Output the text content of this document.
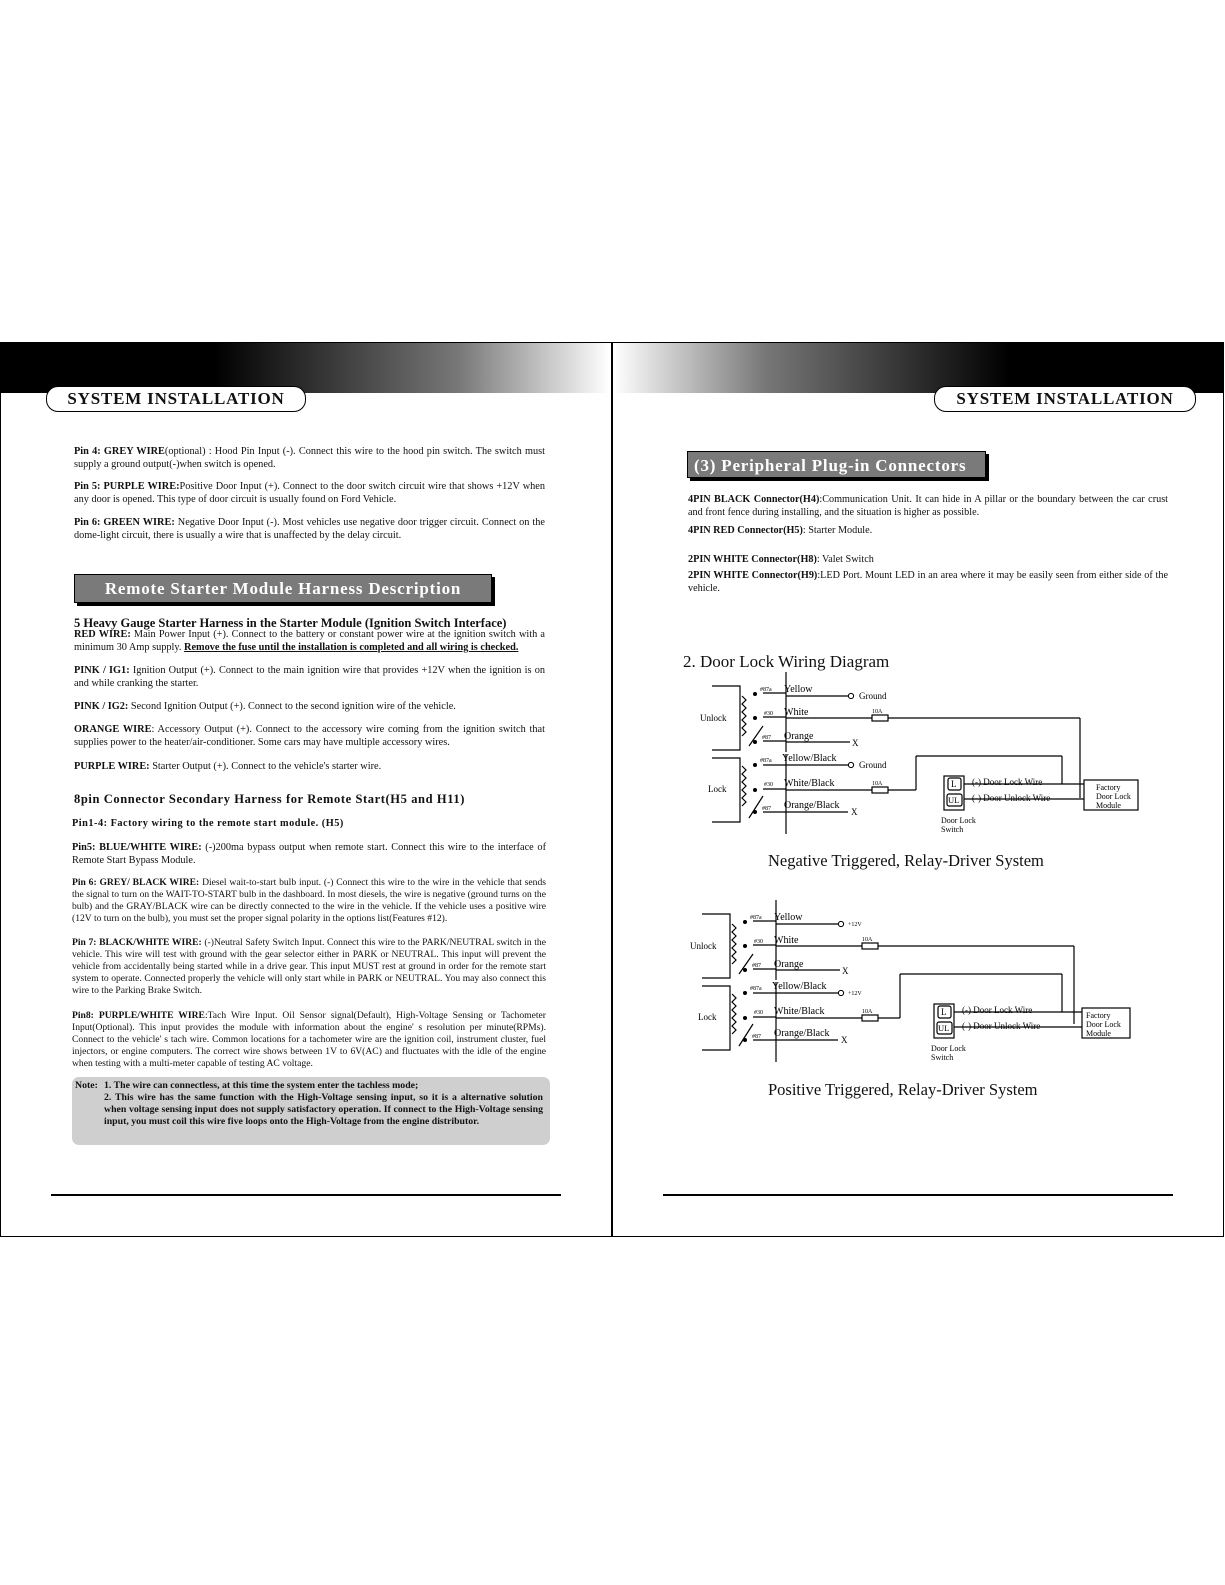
SYSTEM INSTALLATION	SYSTEM INSTALLATION
Pin 4: GREY WIRE(optional) : Hood Pin Input (-). Connect this wire to the hood pin switch. The switch must supply a ground output(-)when switch is opened.
Pin 5: PURPLE WIRE:Positive Door Input (+). Connect to the door switch circuit wire that shows +12V when any door is opened. This type of door circuit is usually found on Ford Vehicle.
Pin 6: GREEN WIRE: Negative Door Input (-). Most vehicles use negative door trigger circuit. Connect on the dome-light circuit, there is usually a wire that is unaffected by the delay circuit.
Remote Starter Module Harness Description
5 Heavy Gauge Starter Harness in the Starter Module (Ignition Switch Interface)
RED WIRE: Main Power Input (+). Connect to the battery or constant power wire at the ignition switch with a minimum 30 Amp supply. Remove the fuse until the installation is completed and all wiring is checked.
PINK / IG1: Ignition Output (+). Connect to the main ignition wire that provides +12V when the ignition is on and while cranking the starter.
PINK / IG2: Second Ignition Output (+). Connect to the second ignition wire of the vehicle.
ORANGE WIRE: Accessory Output (+). Connect to the accessory wire coming from the ignition switch that supplies power to the heater/air-conditioner. Some cars may have multiple accessory wires.
PURPLE WIRE: Starter Output (+). Connect to the vehicle's starter wire.
8pin Connector Secondary Harness for Remote Start(H5 and H11)
Pin1-4: Factory wiring to the remote start module. (H5)
Pin5: BLUE/WHITE WIRE: (-)200ma bypass output when remote start. Connect this wire to the interface of Remote Start Bypass Module.
Pin 6: GREY/ BLACK WIRE: Diesel wait-to-start bulb input. (-) Connect this wire to the wire in the vehicle that sends the signal to turn on the WAIT-TO-START bulb in the dashboard. In most diesels, the wire is negative (ground turns on the bulb) and the GRAY/BLACK wire can be directly connected to the wire in the vehicle. If the vehicle uses a positive wire (12V to turn on the bulb), you must set the proper signal polarity in the options list(Features #12).
Pin 7: BLACK/WHITE WIRE: (-)Neutral Safety Switch Input. Connect this wire to the PARK/NEUTRAL switch in the vehicle. This wire will test with ground with the gear selector either in PARK or NEUTRAL. This input will prevent the vehicle from accidentally being started while in a drive gear. This input MUST rest at ground in order for the remote start system to operate. Connected properly the vehicle will only start while in PARK or NEUTRAL. You may also connect this wire to the Parking Brake Switch.
Pin8: PURPLE/WHITE WIRE:Tach Wire Input. Oil Sensor signal(Default), High-Voltage Sensing or Tachometer Input(Optional). This input provides the module with information about the engine' s resolution per minute(RPMs). Connect to the vehicle' s tach wire. Common locations for a tachometer wire are the ignition coil, instrument cluster, fuel injectors, or engine computers. The correct wire shows between 1V to 6V(AC) and fluctuates with the idle of the engine when testing with a multi-meter capable of testing AC voltage.
Note: 1. The wire can connectless, at this time the system enter the tachless mode;
2. This wire has the same function with the High-Voltage sensing input, so it is a alternative solution when voltage sensing input does not supply satisfactory operation. If connect to the High-Voltage sensing input, you must coil this wire five loops onto the High-Voltage from the engine distributor.
(3) Peripheral Plug-in Connectors
4PIN BLACK Connector(H4):Communication Unit. It can hide in A pillar or the boundary between the car crust and front fence during installing, and the situation is higher as possible.
4PIN RED Connector(H5): Starter Module.
2PIN WHITE Connector(H8): Valet Switch
2PIN WHITE Connector(H9):LED Port. Mount LED in an area where it may be easily seen from either side of the vehicle.
2. Door Lock Wiring Diagram
Unlock
Lock
#87a
#30
#87
#87a
#30
#87
10A
10A
Yellow
White
Orange
Yellow/Black
White/Black
Orange/Black
Ground
Ground
X
X
L
UL
(-) Door Lock Wire
(-) Door Unlock Wire
Door Lock
Switch
Factory
Door Lock
Module
Negative Triggered, Relay-Driver System
Unlock
Lock
#87a
#30
#87
#87a
#30
#87
10A
10A
+12V
+12V
Yellow
White
Orange
Yellow/Black
White/Black
Orange/Black
X
X
L
UL
(-) Door Lock Wire
(-) Door Unlock Wire
Door Lock
Switch
Factory
Door Lock
Module
Positive Triggered, Relay-Driver System
